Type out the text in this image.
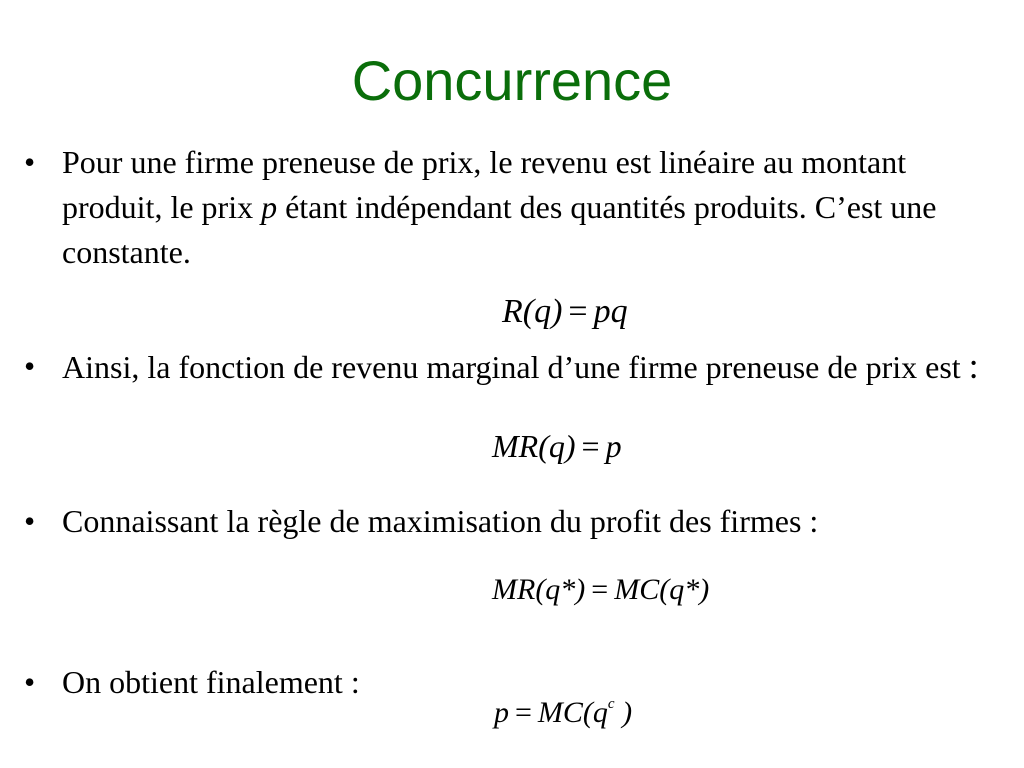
Concurrence
• Pour une firme preneuse de prix, le revenu est linéaire au montant produit, le prix p étant indépendant des quantités produits. C’est une constante.
R(q) = pq
• Ainsi, la fonction de revenu marginal d’une firme preneuse de prix est :
MR(q) = p
• Connaissant la règle de maximisation du profit des firmes :
MR(q*) = MC(q*)
• On obtient finalement :
$p = MC(q^c$ )
